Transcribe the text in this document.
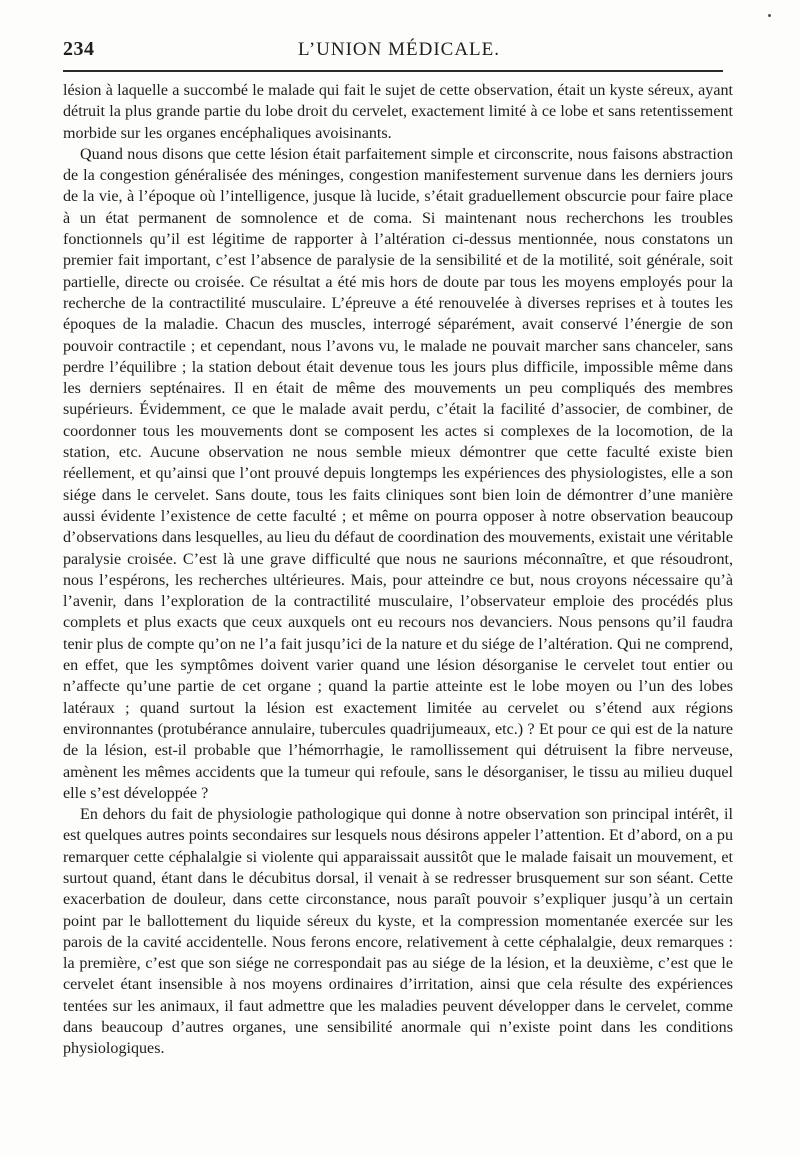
234	L’UNION MÉDICALE.

lésion à laquelle a succombé le malade qui fait le sujet de cette observation, était un kyste séreux, ayant détruit la plus grande partie du lobe droit du cervelet, exactement limité à ce lobe et sans retentissement morbide sur les organes encéphaliques avoisinants.

Quand nous disons que cette lésion était parfaitement simple et circonscrite, nous faisons abstraction de la congestion généralisée des méninges, congestion manifestement survenue dans les derniers jours de la vie, à l’époque où l’intelligence, jusque là lucide, s’était graduellement obscurcie pour faire place à un état permanent de somnolence et de coma. Si maintenant nous recherchons les troubles fonctionnels qu’il est légitime de rapporter à l’altération ci-dessus mentionnée, nous constatons un premier fait important, c’est l’absence de paralysie de la sensibilité et de la motilité, soit générale, soit partielle, directe ou croisée. Ce résultat a été mis hors de doute par tous les moyens employés pour la recherche de la contractilité musculaire. L’épreuve a été renouvelée à diverses reprises et à toutes les époques de la maladie. Chacun des muscles, interrogé séparément, avait conservé l’énergie de son pouvoir contractile ; et cependant, nous l’avons vu, le malade ne pouvait marcher sans chanceler, sans perdre l’équilibre ; la station debout était devenue tous les jours plus difficile, impossible même dans les derniers septénaires. Il en était de même des mouvements un peu compliqués des membres supérieurs. Évidemment, ce que le malade avait perdu, c’était la facilité d’associer, de combiner, de coordonner tous les mouvements dont se composent les actes si complexes de la locomotion, de la station, etc. Aucune observation ne nous semble mieux démontrer que cette faculté existe bien réellement, et qu’ainsi que l’ont prouvé depuis longtemps les expériences des physiologistes, elle a son siége dans le cervelet. Sans doute, tous les faits cliniques sont bien loin de démontrer d’une manière aussi évidente l’existence de cette faculté ; et même on pourra opposer à notre observation beaucoup d’observations dans lesquelles, au lieu du défaut de coordination des mouvements, existait une véritable paralysie croisée. C’est là une grave difficulté que nous ne saurions méconnaître, et que résoudront, nous l’espérons, les recherches ultérieures. Mais, pour atteindre ce but, nous croyons nécessaire qu’à l’avenir, dans l’exploration de la contractilité musculaire, l’observateur emploie des procédés plus complets et plus exacts que ceux auxquels ont eu recours nos devanciers. Nous pensons qu’il faudra tenir plus de compte qu’on ne l’a fait jusqu’ici de la nature et du siége de l’altération. Qui ne comprend, en effet, que les symptômes doivent varier quand une lésion désorganise le cervelet tout entier ou n’affecte qu’une partie de cet organe ; quand la partie atteinte est le lobe moyen ou l’un des lobes latéraux ; quand surtout la lésion est exactement limitée au cervelet ou s’étend aux régions environnantes (protubérance annulaire, tubercules quadrijumeaux, etc.) ? Et pour ce qui est de la nature de la lésion, est-il probable que l’hémorrhagie, le ramollissement qui détruisent la fibre nerveuse, amènent les mêmes accidents que la tumeur qui refoule, sans le désorganiser, le tissu au milieu duquel elle s’est développée ?

En dehors du fait de physiologie pathologique qui donne à notre observation son principal intérêt, il est quelques autres points secondaires sur lesquels nous désirons appeler l’attention. Et d’abord, on a pu remarquer cette céphalalgie si violente qui apparaissait aussitôt que le malade faisait un mouvement, et surtout quand, étant dans le décubitus dorsal, il venait à se redresser brusquement sur son séant. Cette exacerbation de douleur, dans cette circonstance, nous paraît pouvoir s’expliquer jusqu’à un certain point par le ballottement du liquide séreux du kyste, et la compression momentanée exercée sur les parois de la cavité accidentelle. Nous ferons encore, relativement à cette céphalalgie, deux remarques : la première, c’est que son siége ne correspondait pas au siége de la lésion, et la deuxième, c’est que le cervelet étant insensible à nos moyens ordinaires d’irritation, ainsi que cela résulte des expériences tentées sur les animaux, il faut admettre que les maladies peuvent développer dans le cervelet, comme dans beaucoup d’autres organes, une sensibilité anormale qui n’existe point dans les conditions physiologiques.
